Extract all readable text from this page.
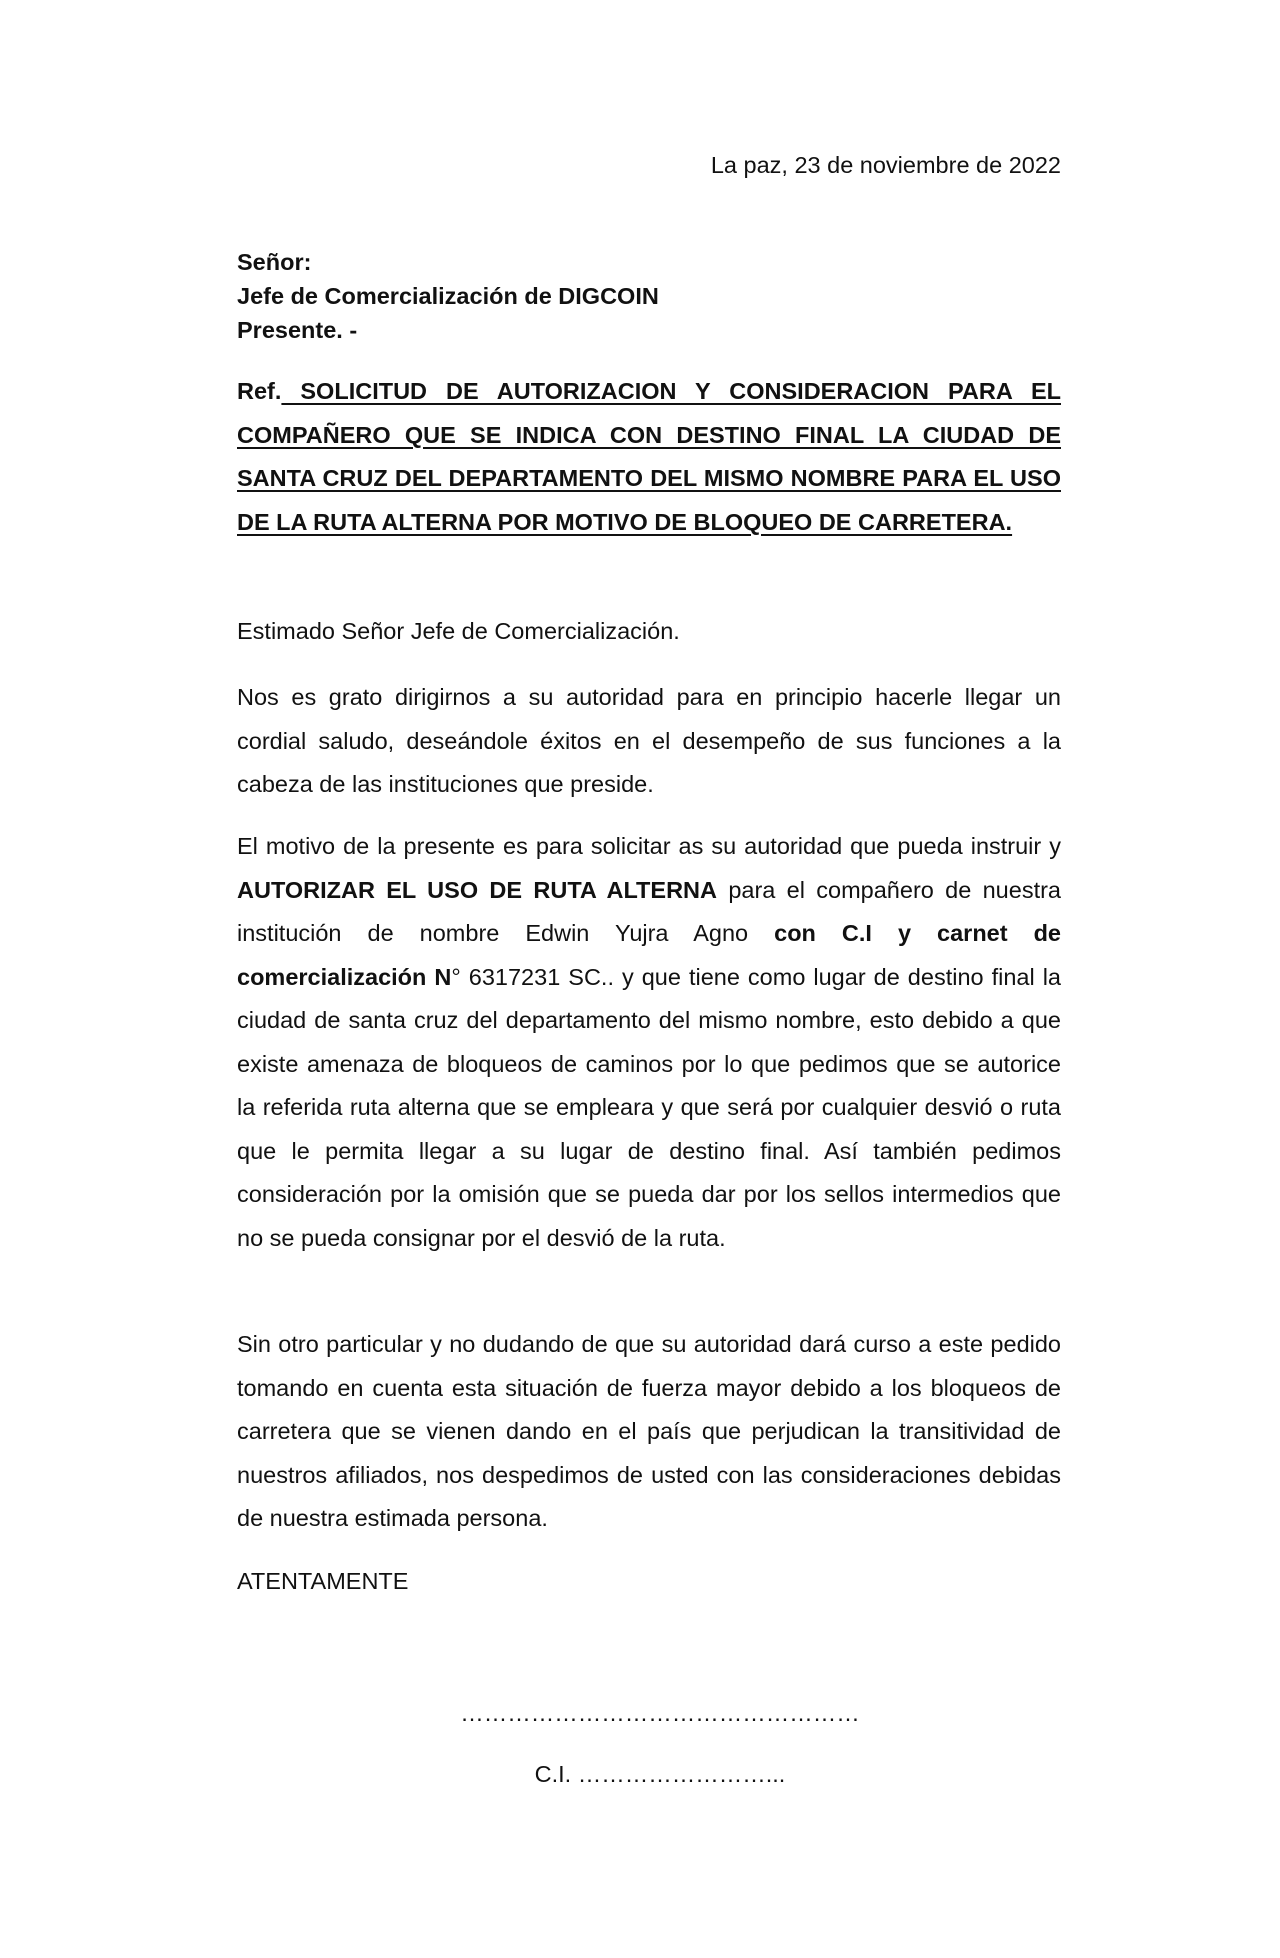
La paz, 23 de noviembre de 2022
Señor:
Jefe de Comercialización de DIGCOIN
Presente. -
Ref. SOLICITUD DE AUTORIZACION Y CONSIDERACION PARA EL COMPAÑERO QUE SE INDICA CON DESTINO FINAL LA CIUDAD DE SANTA CRUZ DEL DEPARTAMENTO DEL MISMO NOMBRE PARA EL USO DE LA RUTA ALTERNA POR MOTIVO DE BLOQUEO DE CARRETERA.
Estimado Señor Jefe de Comercialización.
Nos es grato dirigirnos a su autoridad para en principio hacerle llegar un cordial saludo, deseándole éxitos en el desempeño de sus funciones a la cabeza de las instituciones que preside.
El motivo de la presente es para solicitar as su autoridad que pueda instruir y AUTORIZAR EL USO DE RUTA ALTERNA para el compañero de nuestra institución de nombre Edwin Yujra Agno con C.I y carnet de comercialización N° 6317231 SC.. y que tiene como lugar de destino final la ciudad de santa cruz del departamento del mismo nombre, esto debido a que existe amenaza de bloqueos de caminos por lo que pedimos que se autorice la referida ruta alterna que se empleara y que será por cualquier desvió o ruta que le permita llegar a su lugar de destino final. Así también pedimos consideración por la omisión que se pueda dar por los sellos intermedios que no se pueda consignar por el desvió de la ruta.
Sin otro particular y no dudando de que su autoridad dará curso a este pedido tomando en cuenta esta situación de fuerza mayor debido a los bloqueos de carretera que se vienen dando en el país que perjudican la transitividad de nuestros afiliados, nos despedimos de usted con las consideraciones debidas de nuestra estimada persona.
ATENTAMENTE
……………………………………………
C.I. ……………………...
